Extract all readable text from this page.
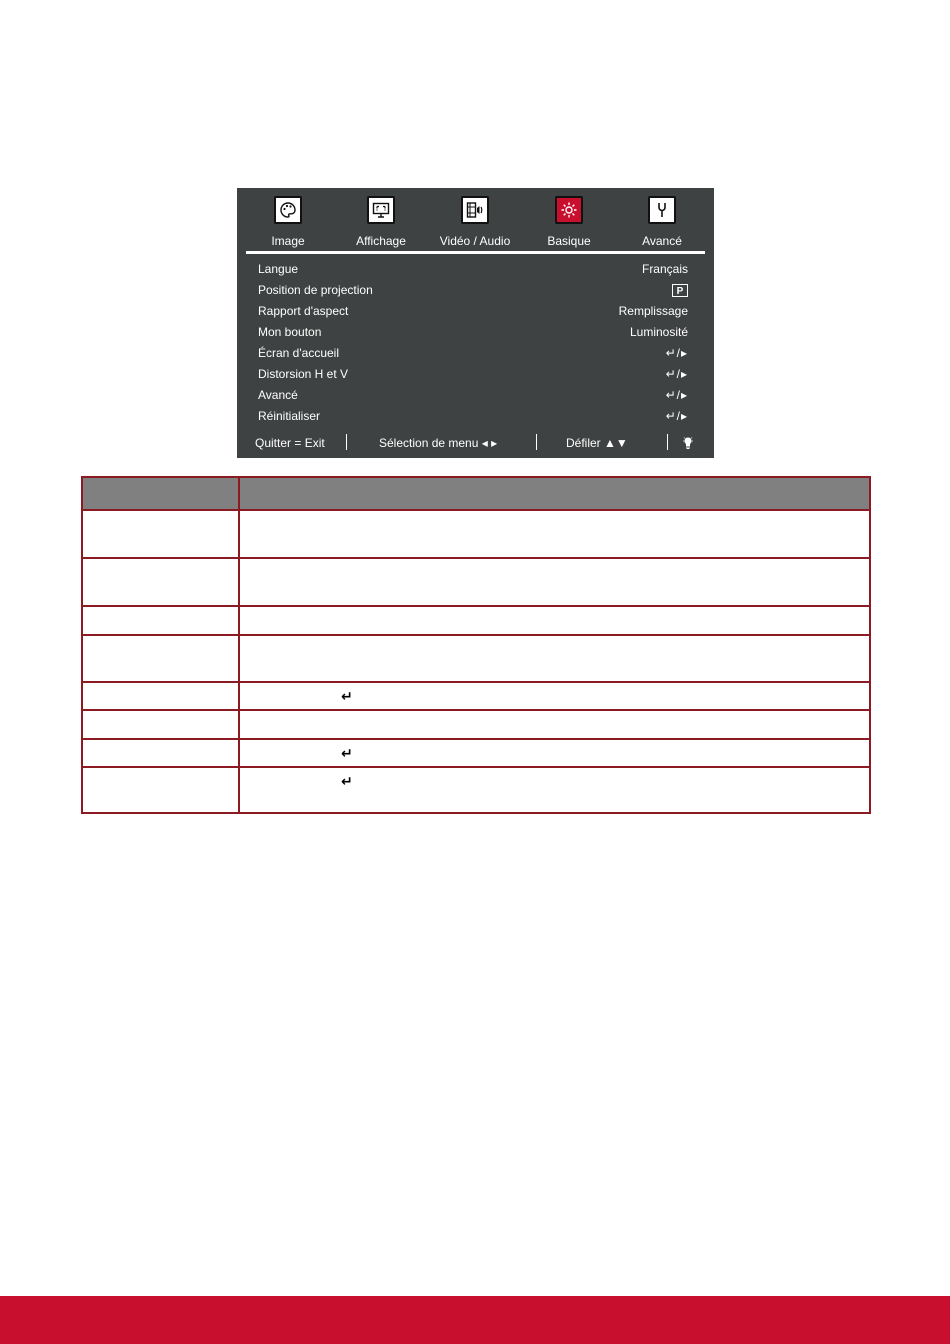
Image	Affichage	Vidéo / Audio	Basique	Avancé
Langue	Français
Position de projection	P
Rapport d'aspect	Remplissage
Mon bouton	Luminosité
Écran d'accueil	↵/▸
Distorsion H et V	↵/▸
Avancé	↵/▸
Réinitialiser	↵/▸
Quitter = Exit	Sélection de menu ◂ ▸	Défiler ▲▼

	↵

	↵

	↵
